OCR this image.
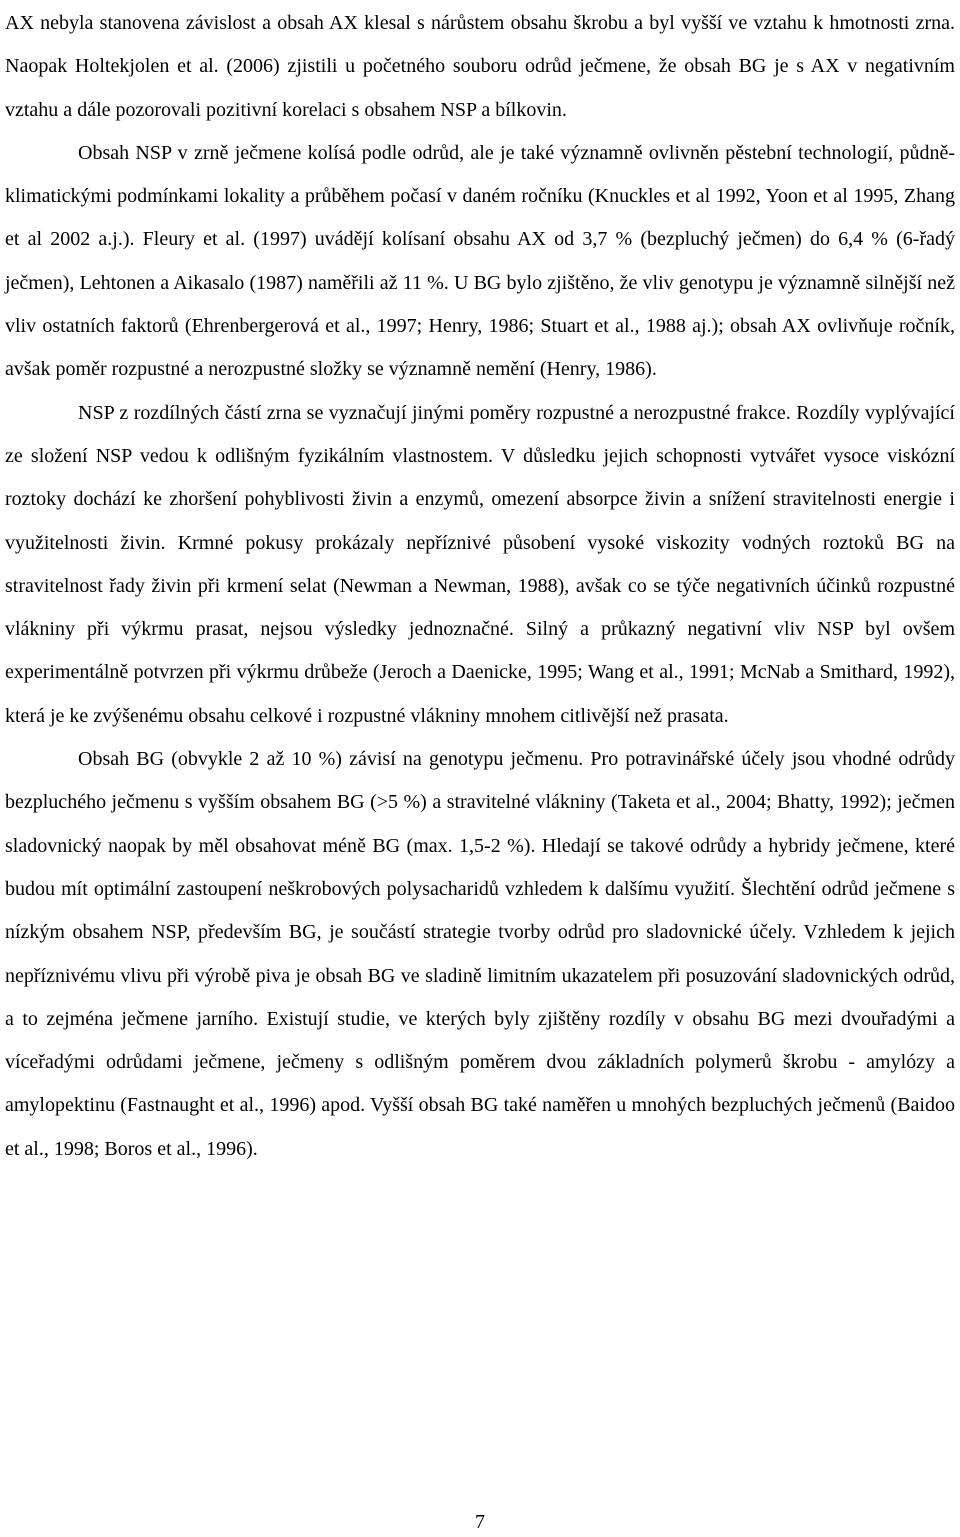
AX nebyla stanovena závislost a obsah AX klesal s nárůstem obsahu škrobu a byl vyšší ve vztahu k hmotnosti zrna. Naopak Holtekjolen et al. (2006) zjistili u početného souboru odrůd ječmene, že obsah BG je s AX v negativním vztahu a dále pozorovali pozitivní korelaci s obsahem NSP a bílkovin.

Obsah NSP v zrně ječmene kolísá podle odrůd, ale je také významně ovlivněn pěstební technologií, půdně-klimatickými podmínkami lokality a průběhem počasí v daném ročníku (Knuckles et al 1992, Yoon et al 1995, Zhang et al 2002 a.j.). Fleury et al. (1997) uvádějí kolísaní obsahu AX od 3,7 % (bezpluchý ječmen) do 6,4 % (6-řadý ječmen), Lehtonen a Aikasalo (1987) naměřili až 11 %. U BG bylo zjištěno, že vliv genotypu je významně silnější než vliv ostatních faktorů (Ehrenbergerová et al., 1997; Henry, 1986; Stuart et al., 1988 aj.); obsah AX ovlivňuje ročník, avšak poměr rozpustné a nerozpustné složky se významně nemění (Henry, 1986).

NSP z rozdílných částí zrna se vyznačují jinými poměry rozpustné a nerozpustné frakce. Rozdíly vyplývající ze složení NSP vedou k odlišným fyzikálním vlastnostem. V důsledku jejich schopnosti vytvářet vysoce viskózní roztoky dochází ke zhoršení pohyblivosti živin a enzymů, omezení absorpce živin a snížení stravitelnosti energie i využitelnosti živin. Krmné pokusy prokázaly nepříznivé působení vysoké viskozity vodných roztoků BG na stravitelnost řady živin při krmení selat (Newman a Newman, 1988), avšak co se týče negativních účinků rozpustné vlákniny při výkrmu prasat, nejsou výsledky jednoznačné. Silný a průkazný negativní vliv NSP byl ovšem experimentálně potvrzen při výkrmu drůbeže (Jeroch a Daenicke, 1995; Wang et al., 1991; McNab a Smithard, 1992), která je ke zvýšenému obsahu celkové i rozpustné vlákniny mnohem citlivější než prasata.

Obsah BG (obvykle 2 až 10 %) závisí na genotypu ječmenu. Pro potravinářské účely jsou vhodné odrůdy bezpluchého ječmenu s vyšším obsahem BG (>5 %) a stravitelné vlákniny (Taketa et al., 2004; Bhatty, 1992); ječmen sladovnický naopak by měl obsahovat méně BG (max. 1,5-2 %). Hledají se takové odrůdy a hybridy ječmene, které budou mít optimální zastoupení neškrobových polysacharidů vzhledem k dalšímu využití. Šlechtění odrůd ječmene s nízkým obsahem NSP, především BG, je součástí strategie tvorby odrůd pro sladovnické účely. Vzhledem k jejich nepříznivému vlivu při výrobě piva je obsah BG ve sladině limitním ukazatelem při posuzování sladovnických odrůd, a to zejména ječmene jarního. Existují studie, ve kterých byly zjištěny rozdíly v obsahu BG mezi dvouřadými a víceřadými odrůdami ječmene, ječmeny s odlišným poměrem dvou základních polymerů škrobu - amylózy a amylopektinu (Fastnaught et al., 1996) apod. Vyšší obsah BG také naměřen u mnohých bezpluchých ječmenů (Baidoo et al., 1998; Boros et al., 1996).

7
